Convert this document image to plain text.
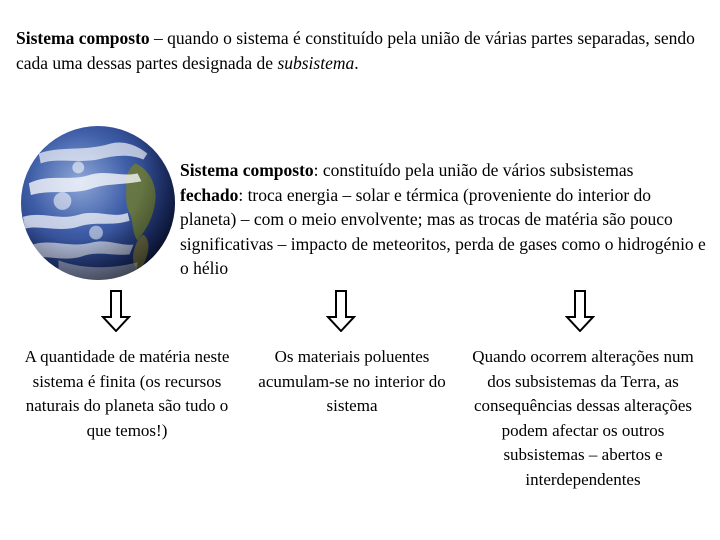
Sistema composto – quando o sistema é constituído pela união de várias partes separadas, sendo cada uma dessas partes designada de subsistema.

Sistema composto: constituído pela união de vários subsistemas
fechado: troca energia – solar e térmica (proveniente do interior do planeta) – com o meio envolvente; mas as trocas de matéria são pouco significativas – impacto de meteoritos, perda de gases como o hidrogénio e o hélio

A quantidade de matéria neste sistema é finita (os recursos naturais do planeta são tudo o que temos!)

Os materiais poluentes acumulam-se no interior do sistema

Quando ocorrem alterações num dos subsistemas da Terra, as consequências dessas alterações podem afectar os outros subsistemas – abertos e interdependentes
